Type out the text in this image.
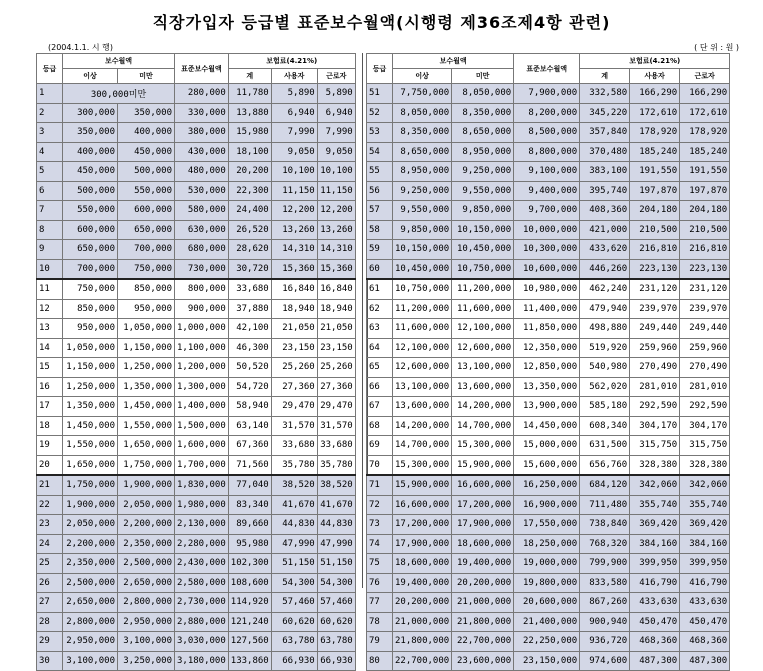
직장가입자 등급별 표준보수월액(시행령 제36조제4항 관련)
(2004.1.1. 시 행)	( 단 위 : 원 )
등급	보수월액		표준보수월액	보험료(4.21%)		
	이상	미만		계	사용자	근로자
1	300,000미만		280,000	11,780	5,890	5,890
2	300,000	350,000	330,000	13,880	6,940	6,940
3	350,000	400,000	380,000	15,980	7,990	7,990
4	400,000	450,000	430,000	18,100	9,050	9,050
5	450,000	500,000	480,000	20,200	10,100	10,100
6	500,000	550,000	530,000	22,300	11,150	11,150
7	550,000	600,000	580,000	24,400	12,200	12,200
8	600,000	650,000	630,000	26,520	13,260	13,260
9	650,000	700,000	680,000	28,620	14,310	14,310
10	700,000	750,000	730,000	30,720	15,360	15,360
11	750,000	850,000	800,000	33,680	16,840	16,840
12	850,000	950,000	900,000	37,880	18,940	18,940
13	950,000	1,050,000	1,000,000	42,100	21,050	21,050
14	1,050,000	1,150,000	1,100,000	46,300	23,150	23,150
15	1,150,000	1,250,000	1,200,000	50,520	25,260	25,260
16	1,250,000	1,350,000	1,300,000	54,720	27,360	27,360
17	1,350,000	1,450,000	1,400,000	58,940	29,470	29,470
18	1,450,000	1,550,000	1,500,000	63,140	31,570	31,570
19	1,550,000	1,650,000	1,600,000	67,360	33,680	33,680
20	1,650,000	1,750,000	1,700,000	71,560	35,780	35,780
21	1,750,000	1,900,000	1,830,000	77,040	38,520	38,520
22	1,900,000	2,050,000	1,980,000	83,340	41,670	41,670
23	2,050,000	2,200,000	2,130,000	89,660	44,830	44,830
24	2,200,000	2,350,000	2,280,000	95,980	47,990	47,990
25	2,350,000	2,500,000	2,430,000	102,300	51,150	51,150
26	2,500,000	2,650,000	2,580,000	108,600	54,300	54,300
27	2,650,000	2,800,000	2,730,000	114,920	57,460	57,460
28	2,800,000	2,950,000	2,880,000	121,240	60,620	60,620
29	2,950,000	3,100,000	3,030,000	127,560	63,780	63,780
30	3,100,000	3,250,000	3,180,000	133,860	66,930	66,930
등급	보수월액		표준보수월액	보험료(4.21%)		
	이상	미만		계	사용자	근로자
51	7,750,000	8,050,000	7,900,000	332,580	166,290	166,290
52	8,050,000	8,350,000	8,200,000	345,220	172,610	172,610
53	8,350,000	8,650,000	8,500,000	357,840	178,920	178,920
54	8,650,000	8,950,000	8,800,000	370,480	185,240	185,240
55	8,950,000	9,250,000	9,100,000	383,100	191,550	191,550
56	9,250,000	9,550,000	9,400,000	395,740	197,870	197,870
57	9,550,000	9,850,000	9,700,000	408,360	204,180	204,180
58	9,850,000	10,150,000	10,000,000	421,000	210,500	210,500
59	10,150,000	10,450,000	10,300,000	433,620	216,810	216,810
60	10,450,000	10,750,000	10,600,000	446,260	223,130	223,130
61	10,750,000	11,200,000	10,980,000	462,240	231,120	231,120
62	11,200,000	11,600,000	11,400,000	479,940	239,970	239,970
63	11,600,000	12,100,000	11,850,000	498,880	249,440	249,440
64	12,100,000	12,600,000	12,350,000	519,920	259,960	259,960
65	12,600,000	13,100,000	12,850,000	540,980	270,490	270,490
66	13,100,000	13,600,000	13,350,000	562,020	281,010	281,010
67	13,600,000	14,200,000	13,900,000	585,180	292,590	292,590
68	14,200,000	14,700,000	14,450,000	608,340	304,170	304,170
69	14,700,000	15,300,000	15,000,000	631,500	315,750	315,750
70	15,300,000	15,900,000	15,600,000	656,760	328,380	328,380
71	15,900,000	16,600,000	16,250,000	684,120	342,060	342,060
72	16,600,000	17,200,000	16,900,000	711,480	355,740	355,740
73	17,200,000	17,900,000	17,550,000	738,840	369,420	369,420
74	17,900,000	18,600,000	18,250,000	768,320	384,160	384,160
75	18,600,000	19,400,000	19,000,000	799,900	399,950	399,950
76	19,400,000	20,200,000	19,800,000	833,580	416,790	416,790
77	20,200,000	21,000,000	20,600,000	867,260	433,630	433,630
78	21,000,000	21,800,000	21,400,000	900,940	450,470	450,470
79	21,800,000	22,700,000	22,250,000	936,720	468,360	468,360
80	22,700,000	23,600,000	23,150,000	974,600	487,300	487,300
